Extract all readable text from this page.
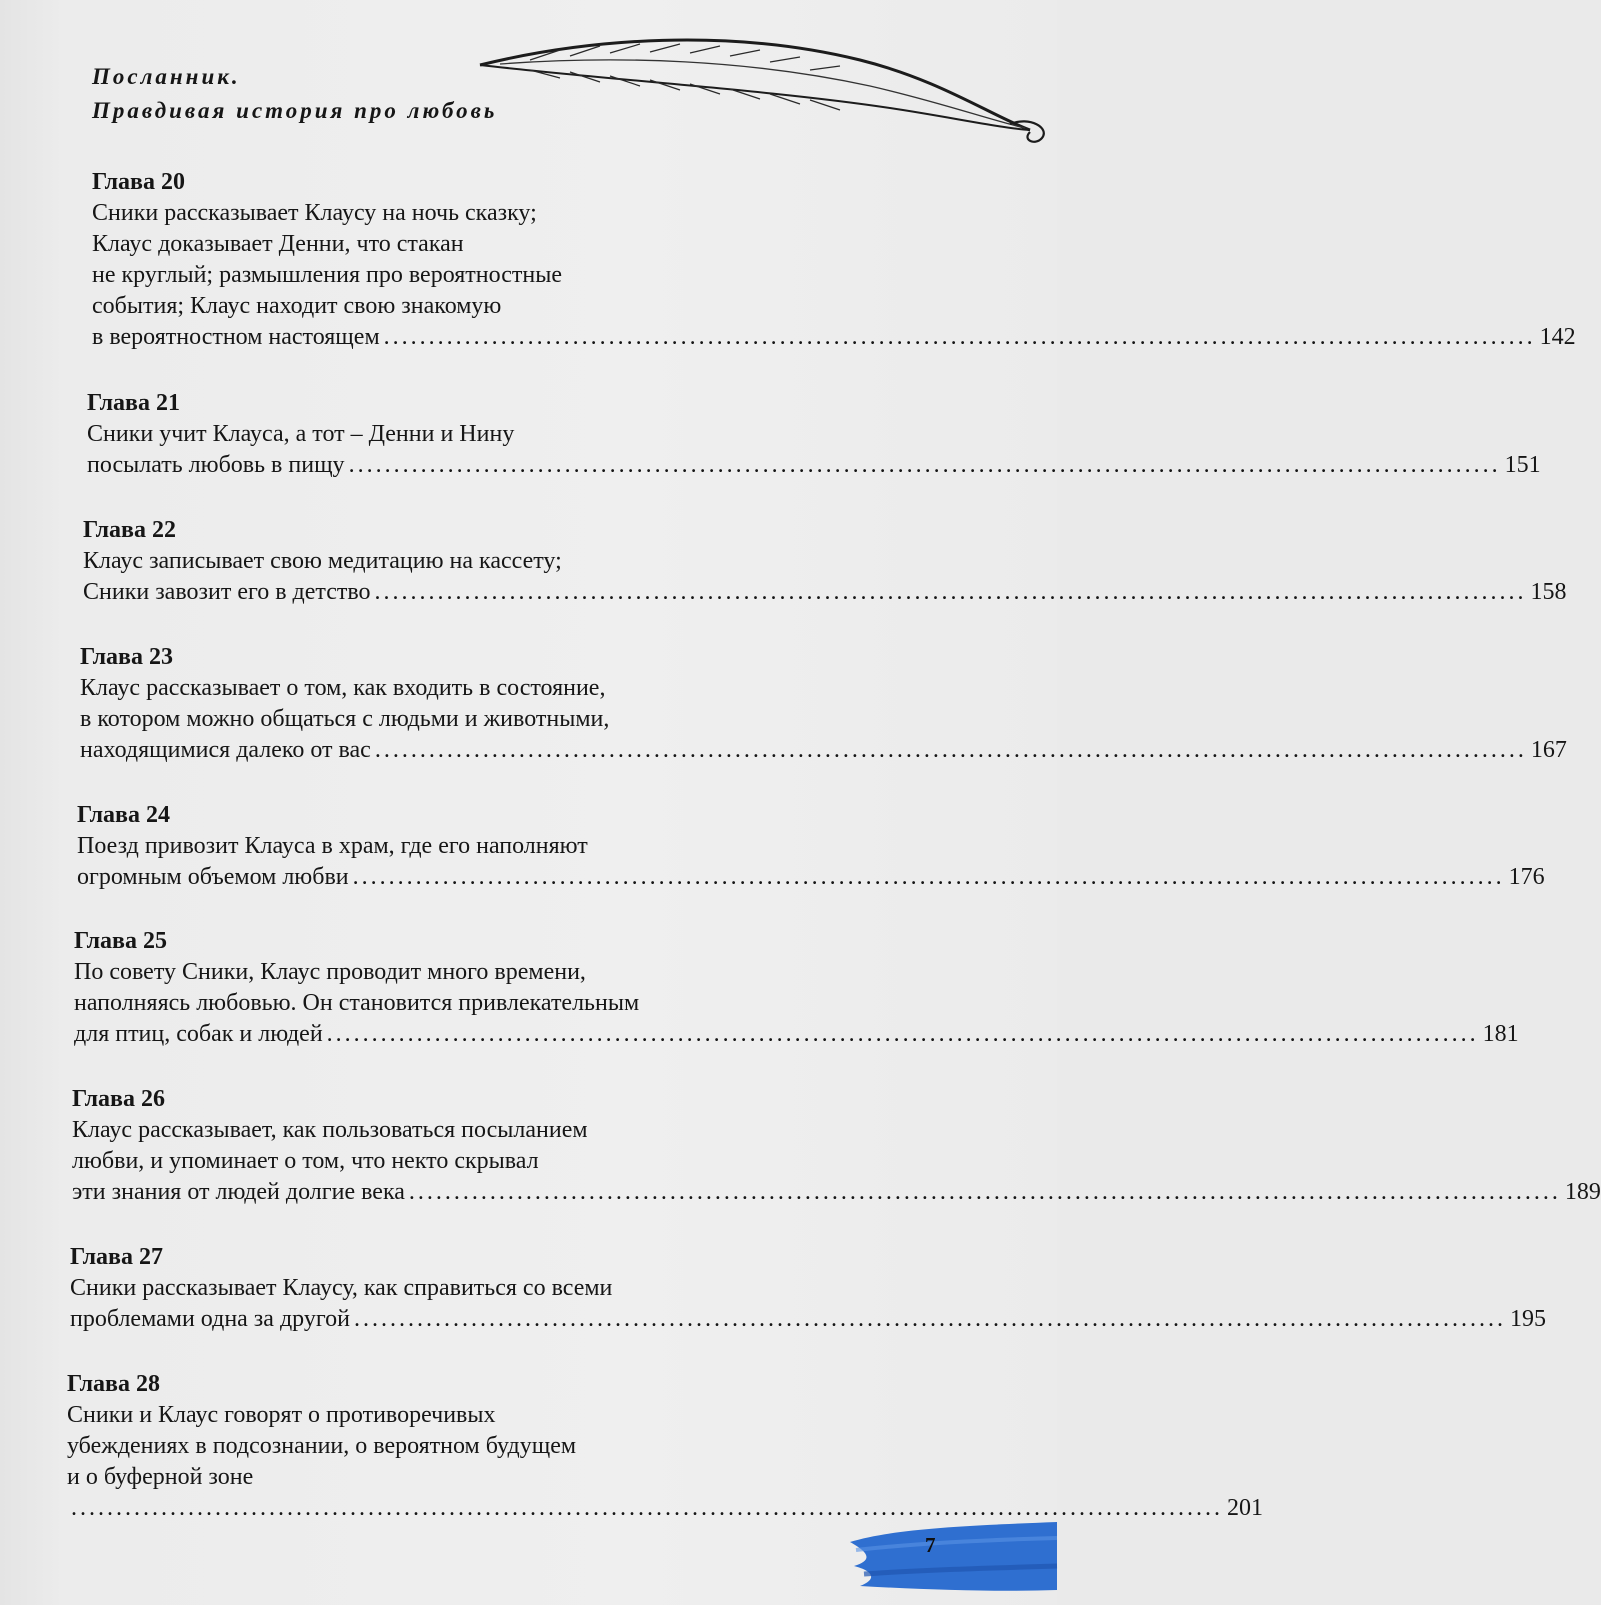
Посланник.
Правдивая история про любовь
Глава 20
Сники рассказывает Клаусу на ночь сказку;
Клаус доказывает Денни, что стакан
не круглый; размышления про вероятностные
события; Клаус находит свою знакомую
в вероятностном настоящем ................................................................................................................................ 142
Глава 21
Сники учит Клауса, а тот – Денни и Нину
посылать любовь в пищу ................................................................................................................................ 151
Глава 22
Клаус записывает свою медитацию на кассету;
Сники завозит его в детство ................................................................................................................................ 158
Глава 23
Клаус рассказывает о том, как входить в состояние,
в котором можно общаться с людьми и животными,
находящимися далеко от вас ................................................................................................................................ 167
Глава 24
Поезд привозит Клауса в храм, где его наполняют
огромным объемом любви ................................................................................................................................ 176
Глава 25
По совету Сники, Клаус проводит много времени,
наполняясь любовью. Он становится привлекательным
для птиц, собак и людей ................................................................................................................................ 181
Глава 26
Клаус рассказывает, как пользоваться посыланием
любви, и упоминает о том, что некто скрывал
эти знания от людей долгие века ................................................................................................................................ 189
Глава 27
Сники рассказывает Клаусу, как справиться со всеми
проблемами одна за другой ................................................................................................................................ 195
Глава 28
Сники и Клаус говорят о противоречивых
убеждениях в подсознании, о вероятном будущем
и о буферной зоне
................................................................................................................................ 201
7
